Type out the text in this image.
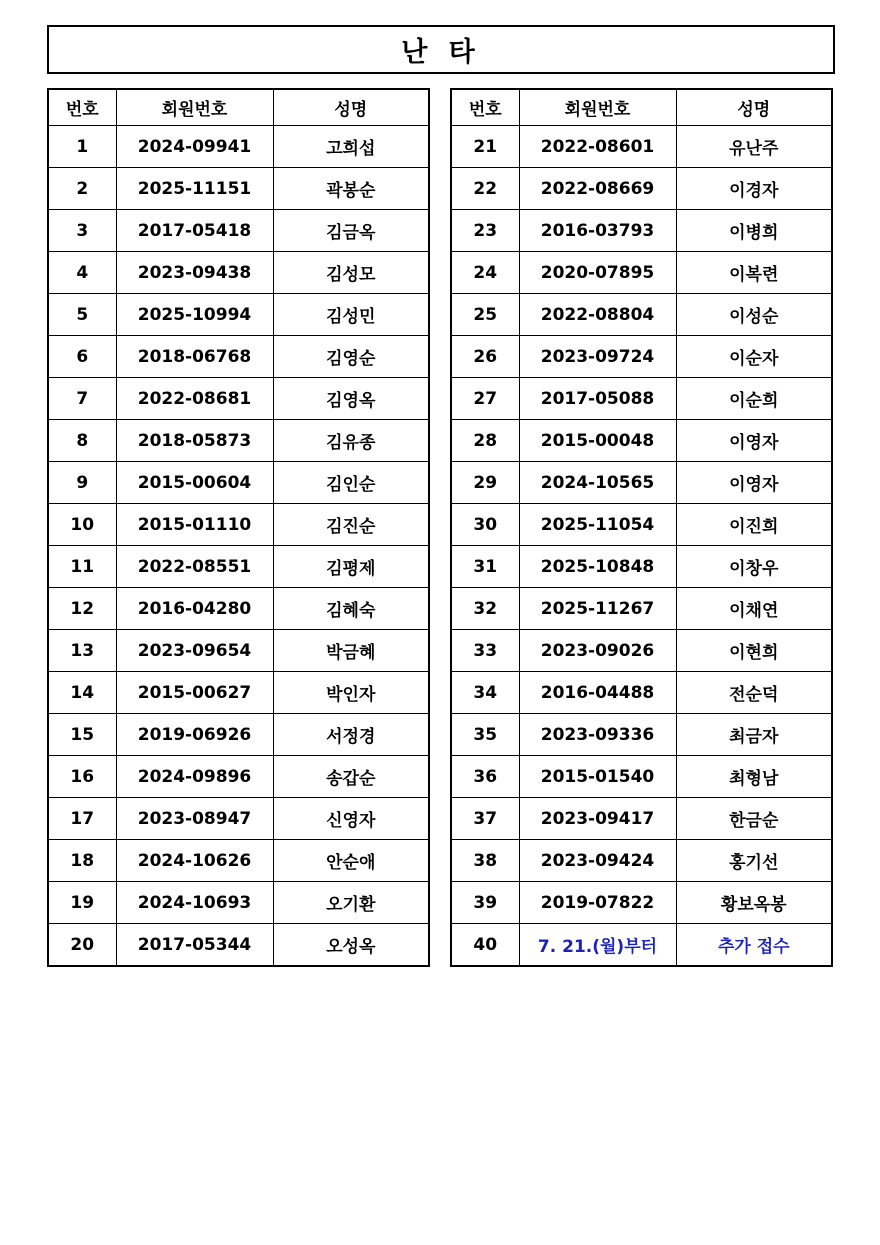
난 타
번호	회원번호	성명
1	2024-09941	고희섭
2	2025-11151	곽봉순
3	2017-05418	김금옥
4	2023-09438	김성모
5	2025-10994	김성민
6	2018-06768	김영순
7	2022-08681	김영옥
8	2018-05873	김유종
9	2015-00604	김인순
10	2015-01110	김진순
11	2022-08551	김평제
12	2016-04280	김혜숙
13	2023-09654	박금혜
14	2015-00627	박인자
15	2019-06926	서정경
16	2024-09896	송갑순
17	2023-08947	신영자
18	2024-10626	안순애
19	2024-10693	오기환
20	2017-05344	오성옥
번호	회원번호	성명
21	2022-08601	유난주
22	2022-08669	이경자
23	2016-03793	이병희
24	2020-07895	이복련
25	2022-08804	이성순
26	2023-09724	이순자
27	2017-05088	이순희
28	2015-00048	이영자
29	2024-10565	이영자
30	2025-11054	이진희
31	2025-10848	이창우
32	2025-11267	이채연
33	2023-09026	이현희
34	2016-04488	전순덕
35	2023-09336	최금자
36	2015-01540	최형남
37	2023-09417	한금순
38	2023-09424	홍기선
39	2019-07822	황보옥봉
40	7. 21.(월)부터	추가 접수
